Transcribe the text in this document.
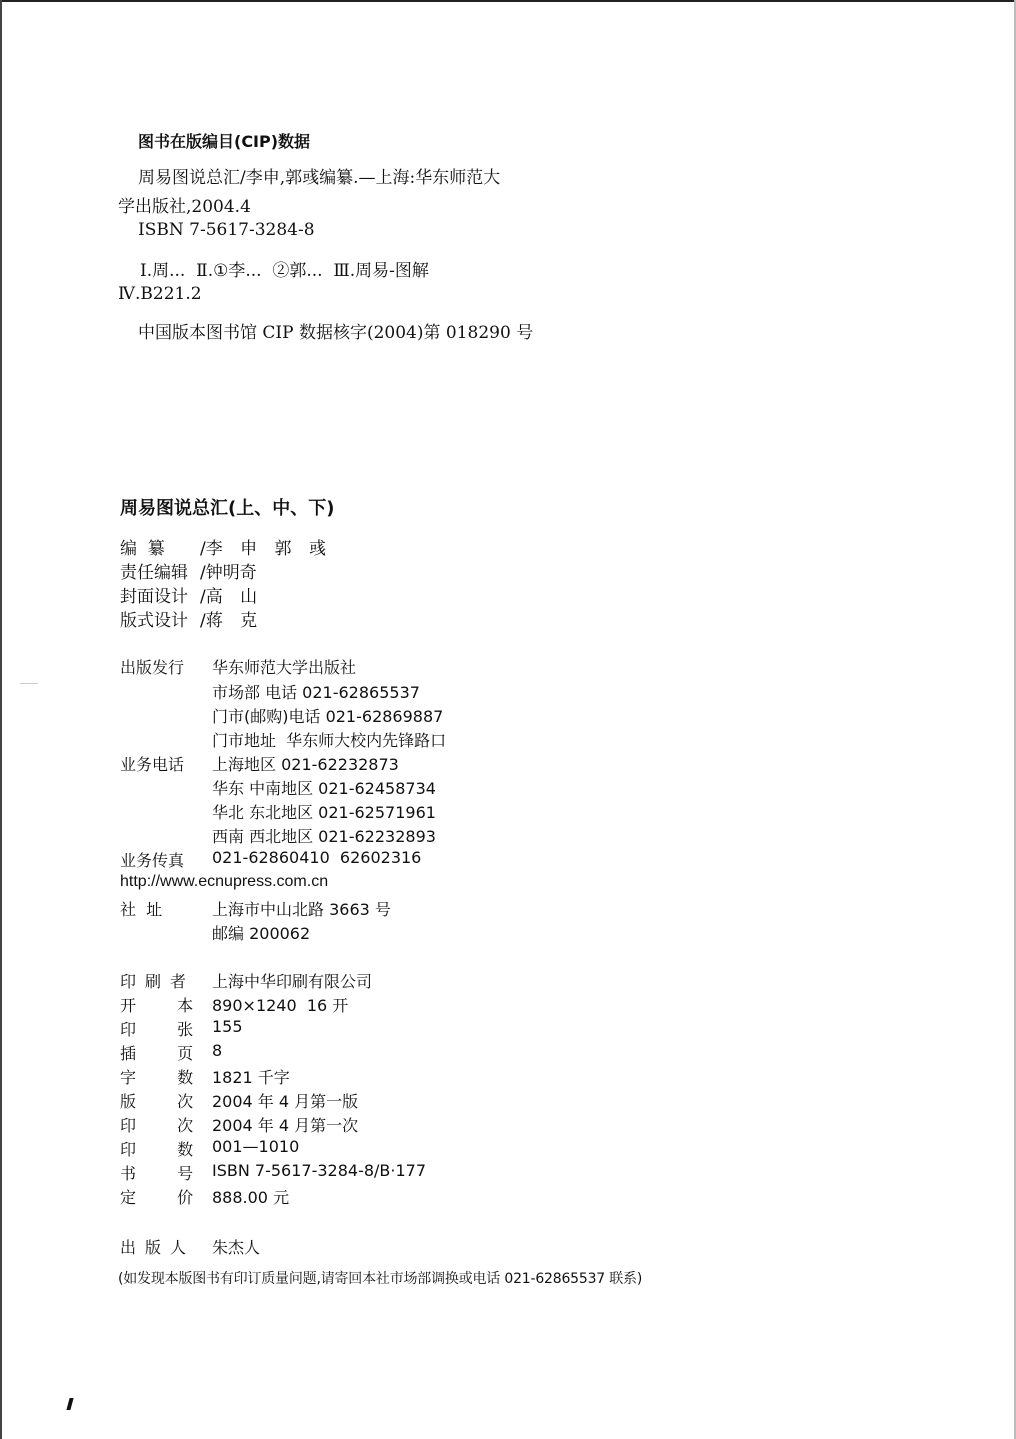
图书在版编目(CIP)数据
周易图说总汇/李申,郭彧编纂.—上海:华东师范大
学出版社,2004.4
ISBN 7-5617-3284-8
Ⅰ.周...  Ⅱ.①李...  ②郭...  Ⅲ.周易-图解
Ⅳ.B221.2
中国版本图书馆 CIP 数据核字(2004)第 018290 号
周易图说总汇(上、中、下)
编  纂 /李 申 郭 彧
责任编辑 /钟明奇
封面设计 /高 山
版式设计 /蒋 克
出版发行	华东师范大学出版社
市场部 电话 021-62865537
门市(邮购)电话 021-62869887
门市地址  华东师大校内先锋路口
业务电话	上海地区 021-62232873
华东 中南地区 021-62458734
华北 东北地区 021-62571961
西南 西北地区 021-62232893
业务传真	021-62860410  62602316
http://www.ecnupress.com.cn
社  址	上海市中山北路 3663 号
邮编 200062
印刷者 上海中华印刷有限公司
开 本 890×1240  16 开
印 张 155
插 页 8
字 数 1821 千字
版 次 2004 年 4 月第一版
印 次 2004 年 4 月第一次
印 数 001—1010
书 号 ISBN 7-5617-3284-8/B·177
定 价 888.00 元
出版人 朱杰人
(如发现本版图书有印订质量问题,请寄回本社市场部调换或电话 021-62865537 联系)
